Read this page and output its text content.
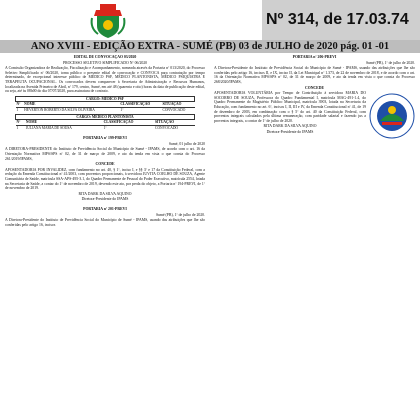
Nº 314, de 17.03.74
ANO XVIII - EDIÇÃO EXTRA - SUMÉ (PB) 03 de JULHO de 2020 pág. 01 -01

EDITAL DE CONVOCAÇÃO 03/2020

PROCESSO SELETIVO SIMPLIFICADO Nº 06/2020

A Comissão Organizadora de Realização, Fiscalização e Acompanhamento, nomeada através da Portaria nº 013/2020, do Processo Seletivo Simplificado nº 06/2020, torna público o presente edital de convocação e CONVOCA para contratação por tempo determinado, de excepcional interesse público de MÉDICO PSF, MÉDICO PLANTONISTA, MÉDICO PSIQUIATRA E TERAPEUTA OCUPACIONAL. Os convocados devem comparecer à Secretaria de Administração e Recursos Humanos, localizada na Avenida Primeiro de Abril, nº 179, centro, Sumé, em até 48 (quarenta e oito) horas da data de publicação deste edital, ou seja, até às 08h00 do dia 07/07/2020, para assinatura de contrato.

CARGO: MÉDICO PSF			
Nº	NOME	CLASSIFICAÇÃO	SITUAÇÃO
1	HEVERTON ROBERTO DA SILVA OLIVEIRA	1º	CONVOCADO
CARGO: MÉDICO PLANTONISTA			
Nº	NOME	CLASSIFICAÇÃO	SITUAÇÃO
1	JULIANA MARIA DE SOUSA	1º	CONVOCADO

PORTARIA nº 199-PREVI

Sumé, 01 julho de 2020

A DIRETORA-PRESIDENTE do Instituto de Previdência Social do Município de Sumé - IPAMS, de acordo com o art. 16 da Orientação Normativa MPS/SPS nº 02, de 31 de março de 2009, e ato da tenda em vista o que consta do Processo 261/2019/IPAMS,

CONCEDE

APOSENTADORIA POR INVALIDEZ, com fundamento no art. 40, § 1º, inciso I, e §§ 3º e 17 da Constituição Federal, com a redação da Emenda Constitucional nº 41/2003, com proventos proporcionais, à servidora JUVITA COELHO DE SOUZA, Agente Comunitária de Saúde, matrícula SSA-APS-495-3.1, do Quadro Permanente de Pessoal do Poder Executivo, matrícula 2554, lotada na Secretaria de Saúde, a contar do 1º de novembro de 2019, devendo este ato, por perda do objeto, a Portaria nº 194-PREVI, de 1º de novembro de 2019.

RITA DARK DA SILVA AQUINO

Diretora-Presidente do IPAMS

PORTARIA nº 201-PREVI

Sumé (PB), 1º de julho de 2020.

A Diretora-Presidente do Instituto de Previdência Social do Município de Sumé - IPAMS, usando das atribuições que lhe são conferidas pelo artigo 16, incisos

PORTARIA nº 206-PREVI

Sumé (PB), 1º de julho de 2020.

A Diretora-Presidente do Instituto de Previdência Social do Município de Sumé - IPAMS, usando das atribuições que lhe são conferidas pelo artigo 16, incisos II, e IX, inciso II, da Lei Municipal nº 1.373, de 22 de novembro de 2018, e de acordo com o art. 16 da Orientação Normativa MPS/SPS nº 02, de 31 de março de 2009, e ato da tenda em vista o que consta do Processo 268/2020/IPAMS,

CONCEDE

APOSENTADORIA VOLUNTÁRIA por Tempo de Contribuição à servidora MARIA DO SOCORRO DE SOUZA, Professora do Quadro Fundamental I, matrícula MAG-491-1.4, do Quadro Permanente do Magistério Público Municipal, matrícula 3903, lotada na Secretaria da Educação, com fundamento no art. 6º, incisos I, II, III e IV, da Emenda Constitucional nº 41, de 19 de dezembro de 2003, em combinação com o § 5º do art. 40 da Constituição Federal, com proventos integrais calculados pela última remuneração, com paridade salarial e fazendo jus a proventos integrais, a contar de 1º de julho de 2020.

RITA DARK DA SILVA AQUINO

Diretora-Presidente do IPAMS
